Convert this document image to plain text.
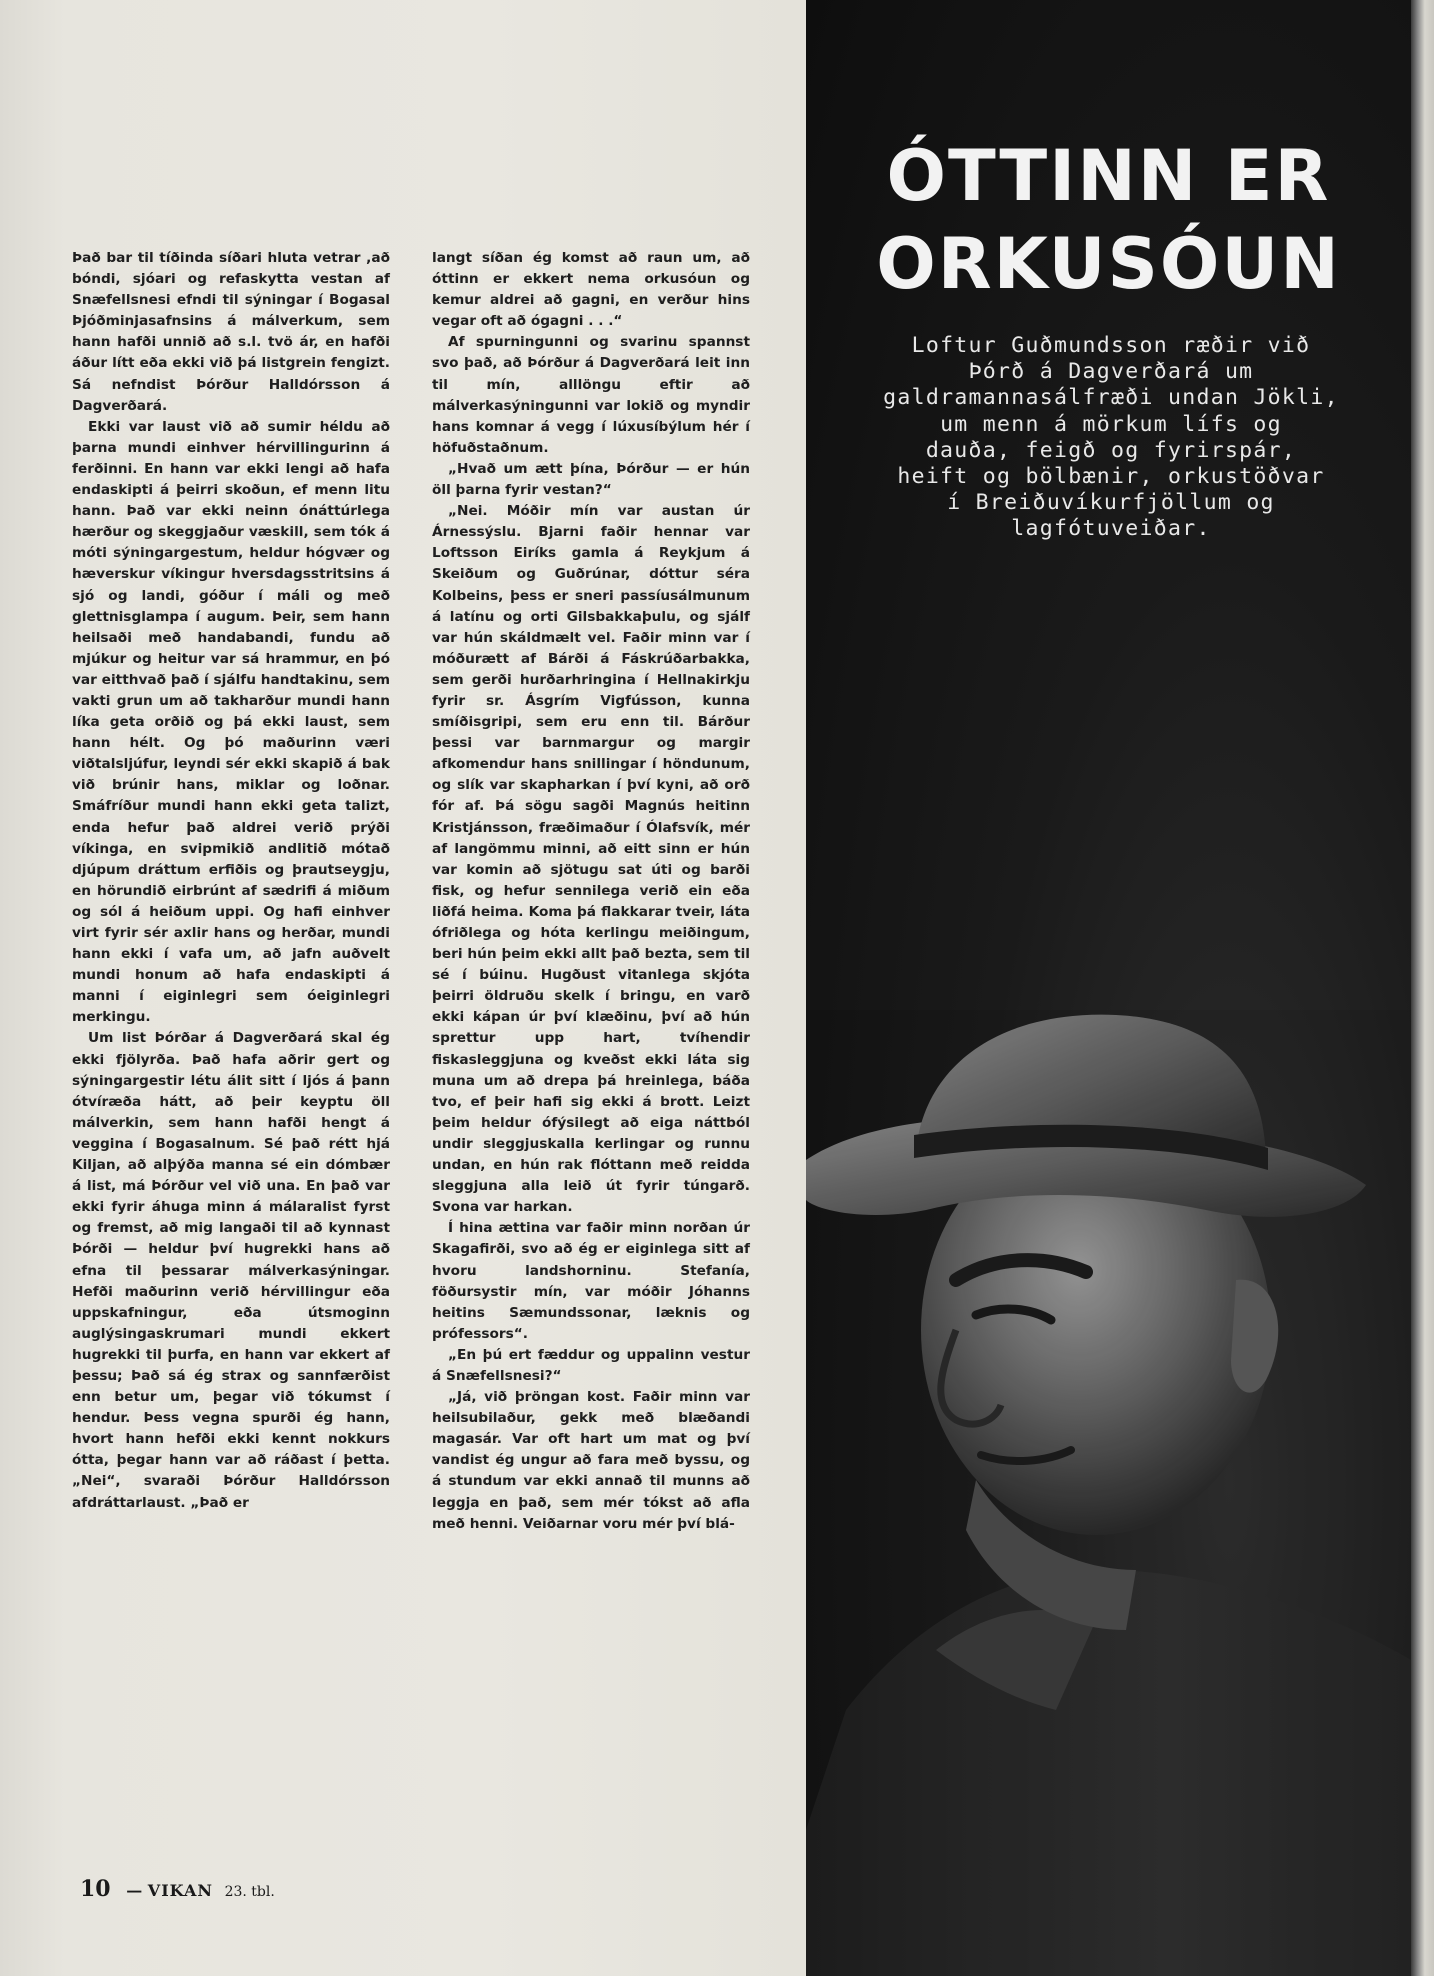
Það bar til tíðinda síðari hluta vetrar ,að bóndi, sjóari og refaskytta vestan af Snæfellsnesi efndi til sýningar í Bogasal Þjóðminjasafnsins á málverkum, sem hann hafði unnið að s.l. tvö ár, en hafði áður lítt eða ekki við þá listgrein fengizt. Sá nefndist Þórður Halldórsson á Dagverðará.

Ekki var laust við að sumir héldu að þarna mundi einhver hérvillingurinn á ferðinni. En hann var ekki lengi að hafa endaskipti á þeirri skoðun, ef menn litu hann. Það var ekki neinn ónáttúrlega hærður og skeggjaður væskill, sem tók á móti sýningargestum, heldur hógvær og hæverskur víkingur hversdagsstritsins á sjó og landi, góður í máli og með glettnisglampa í augum. Þeir, sem hann heilsaði með handabandi, fundu að mjúkur og heitur var sá hrammur, en þó var eitthvað það í sjálfu handtakinu, sem vakti grun um að takharður mundi hann líka geta orðið og þá ekki laust, sem hann hélt. Og þó maðurinn væri viðtalsljúfur, leyndi sér ekki skapið á bak við brúnir hans, miklar og loðnar. Smáfríður mundi hann ekki geta talizt, enda hefur það aldrei verið prýði víkinga, en svipmikið andlitið mótað djúpum dráttum erfiðis og þrautseygju, en hörundið eirbrúnt af sædrifi á miðum og sól á heiðum uppi. Og hafi einhver virt fyrir sér axlir hans og herðar, mundi hann ekki í vafa um, að jafn auðvelt mundi honum að hafa endaskipti á manni í eiginlegri sem óeiginlegri merkingu.

Um list Þórðar á Dagverðará skal ég ekki fjölyrða. Það hafa aðrir gert og sýningargestir létu álit sitt í ljós á þann ótvíræða hátt, að þeir keyptu öll málverkin, sem hann hafði hengt á veggina í Bogasalnum. Sé það rétt hjá Kiljan, að alþýða manna sé ein dómbær á list, má Þórður vel við una. En það var ekki fyrir áhuga minn á málaralist fyrst og fremst, að mig langaði til að kynnast Þórði — heldur því hugrekki hans að efna til þessarar málverkasýningar. Hefði maðurinn verið hérvillingur eða uppskafningur, eða útsmoginn auglýsingaskrumari mundi ekkert hugrekki til þurfa, en hann var ekkert af þessu; Það sá ég strax og sannfærðist enn betur um, þegar við tókumst í hendur. Þess vegna spurði ég hann, hvort hann hefði ekki kennt nokkurs ótta, þegar hann var að ráðast í þetta. „Nei“, svaraði Þórður Halldórsson afdráttarlaust. „Það er

langt síðan ég komst að raun um, að óttinn er ekkert nema orkusóun og kemur aldrei að gagni, en verður hins vegar oft að ógagni . . .“

Af spurningunni og svarinu spannst svo það, að Þórður á Dagverðará leit inn til mín, alllöngu eftir að málverkasýningunni var lokið og myndir hans komnar á vegg í lúxusíbýlum hér í höfuðstaðnum.

„Hvað um ætt þína, Þórður — er hún öll þarna fyrir vestan?“

„Nei. Móðir mín var austan úr Árnessýslu. Bjarni faðir hennar var Loftsson Eiríks gamla á Reykjum á Skeiðum og Guðrúnar, dóttur séra Kolbeins, þess er sneri passíusálmunum á latínu og orti Gilsbakkaþulu, og sjálf var hún skáldmælt vel. Faðir minn var í móðurætt af Bárði á Fáskrúðarbakka, sem gerði hurðarhringina í Hellnakirkju fyrir sr. Ásgrím Vigfússon, kunna smíðisgripi, sem eru enn til. Bárður þessi var barnmargur og margir afkomendur hans snillingar í höndunum, og slík var skapharkan í því kyni, að orð fór af. Þá sögu sagði Magnús heitinn Kristjánsson, fræðimaður í Ólafsvík, mér af langömmu minni, að eitt sinn er hún var komin að sjötugu sat úti og barði fisk, og hefur sennilega verið ein eða liðfá heima. Koma þá flakkarar tveir, láta ófriðlega og hóta kerlingu meiðingum, beri hún þeim ekki allt það bezta, sem til sé í búinu. Hugðust vitanlega skjóta þeirri öldruðu skelk í bringu, en varð ekki kápan úr því klæðinu, því að hún sprettur upp hart, tvíhendir fiskasleggjuna og kveðst ekki láta sig muna um að drepa þá hreinlega, báða tvo, ef þeir hafi sig ekki á brott. Leizt þeim heldur ófýsilegt að eiga náttból undir sleggjuskalla kerlingar og runnu undan, en hún rak flóttann með reidda sleggjuna alla leið út fyrir túngarð. Svona var harkan.

Í hina ættina var faðir minn norðan úr Skagafirði, svo að ég er eiginlega sitt af hvoru landshorninu. Stefanía, föðursystir mín, var móðir Jóhanns heitins Sæmundssonar, læknis og prófessors“.

„En þú ert fæddur og uppalinn vestur á Snæfellsnesi?“

„Já, við þröngan kost. Faðir minn var heilsubilaður, gekk með blæðandi magasár. Var oft hart um mat og því vandist ég ungur að fara með byssu, og á stundum var ekki annað til munns að leggja en það, sem mér tókst að afla með henni. Veiðarnar voru mér því blá-

10 — VIKAN 23. tbl.
ÓTTINN ER
ORKUSÓUN
Loftur Guðmundsson ræðir við
Þórð á Dagverðará um
galdramannasálfræði undan Jökli,
um menn á mörkum lífs og
dauða, feigð og fyrirspár,
heift og bölbænir, orkustöðvar
í Breiðuvíkurfjöllum og
lagfótuveiðar.
